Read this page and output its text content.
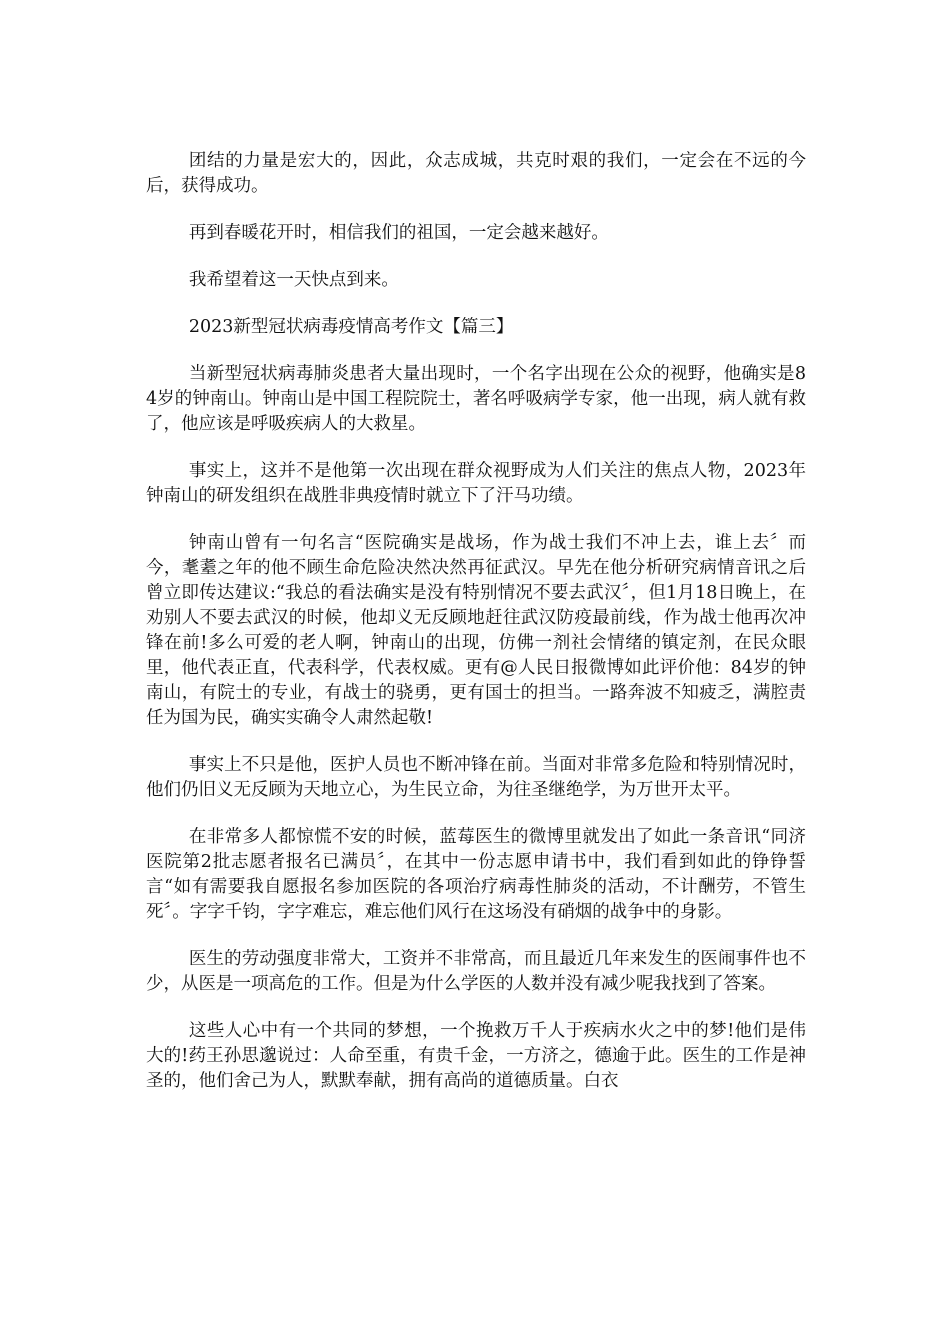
团结的力量是宏大的，因此，众志成城，共克时艰的我们，一定会在不远的今后，获得成功。

再到春暖花开时，相信我们的祖国，一定会越来越好。

我希望着这一天快点到来。

2023新型冠状病毒疫情高考作文【篇三】

当新型冠状病毒肺炎患者大量出现时，一个名字出现在公众的视野，他确实是84岁的钟南山。钟南山是中国工程院院士，著名呼吸病学专家，他一出现，病人就有救了，他应该是呼吸疾病人的大救星。

事实上，这并不是他第一次出现在群众视野成为人们关注的焦点人物，2023年钟南山的研发组织在战胜非典疫情时就立下了汗马功绩。

钟南山曾有一句名言“医院确实是战场，作为战士我们不冲上去，谁上去〞而今，耄耋之年的他不顾生命危险决然决然再征武汉。早先在他分析研究病情音讯之后曾立即传达建议:“我总的看法确实是没有特别情况不要去武汉〞，但1月18日晚上，在劝别人不要去武汉的时候，他却义无反顾地赶往武汉防疫最前线，作为战士他再次冲锋在前!多么可爱的老人啊，钟南山的出现，仿佛一剂社会情绪的镇定剂，在民众眼里，他代表正直，代表科学，代表权威。更有@人民日报微博如此评价他：84岁的钟南山，有院士的专业，有战士的骁勇，更有国士的担当。一路奔波不知疲乏，满腔责任为国为民，确实实确令人肃然起敬!

事实上不只是他，医护人员也不断冲锋在前。当面对非常多危险和特别情况时，他们仍旧义无反顾为天地立心，为生民立命，为往圣继绝学，为万世开太平。

在非常多人都惊慌不安的时候，蓝莓医生的微博里就发出了如此一条音讯“同济医院第2批志愿者报名已满员〞，在其中一份志愿申请书中，我们看到如此的铮铮誓言“如有需要我自愿报名参加医院的各项治疗病毒性肺炎的活动，不计酬劳，不管生死〞。字字千钧，字字难忘，难忘他们风行在这场没有硝烟的战争中的身影。

医生的劳动强度非常大，工资并不非常高，而且最近几年来发生的医闹事件也不少，从医是一项高危的工作。但是为什么学医的人数并没有减少呢我找到了答案。

这些人心中有一个共同的梦想，一个挽救万千人于疾病水火之中的梦!他们是伟大的!药王孙思邈说过：人命至重，有贵千金，一方济之，德逾于此。医生的工作是神圣的，他们舍己为人，默默奉献，拥有高尚的道德质量。白衣
